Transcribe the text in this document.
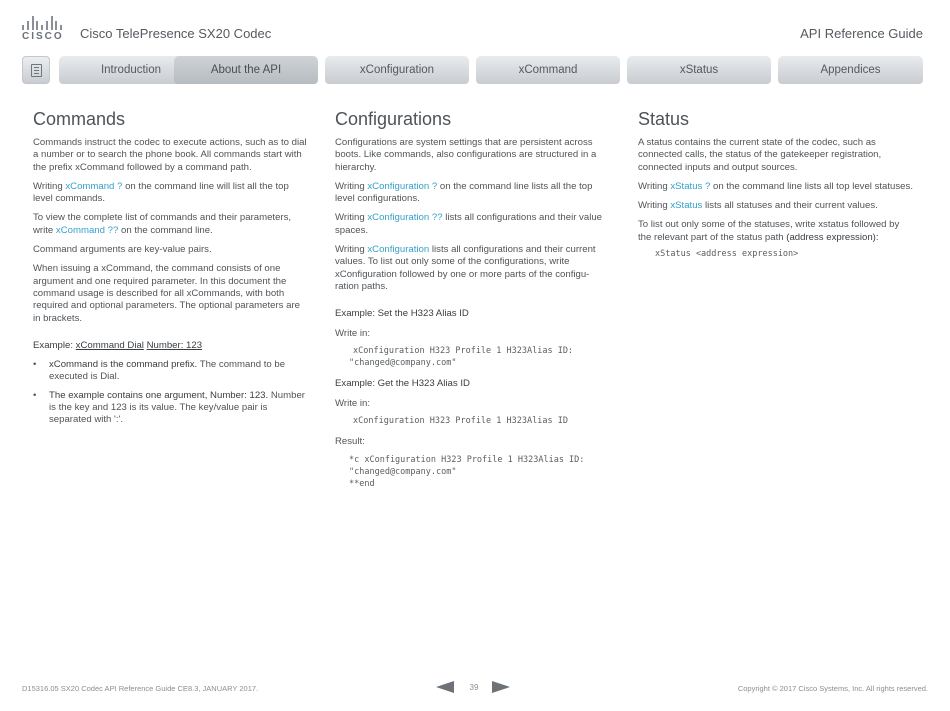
CISCO Cisco TelePresence SX20 Codec	API Reference Guide
Introduction	About the API	xConfiguration	xCommand	xStatus	Appendices
Commands

Commands instruct the codec to execute actions, such as to dial a number or to search the phone book. All commands start with the prefix xCommand followed by a command path.

Writing xCommand ? on the command line will list all the top level commands.

To view the complete list of commands and their parameters, write xCommand ?? on the command line.

Command arguments are key-value pairs.

When issuing a xCommand, the command consists of one argument and one required parameter. In this document the command usage is described for all xCommands, with both required and optional parameters. The optional parameters are in brackets.

Example: xCommand Dial Number: 123
• xCommand is the command prefix. The command to be executed is Dial.
• The example contains one argument, Number: 123. Number is the key and 123 is its value. The key/value pair is separated with ':'.
Configurations

Configurations are system settings that are persistent across boots. Like commands, also configurations are structured in a hierarchy.

Writing xConfiguration ? on the command line lists all the top level configurations.

Writing xConfiguration ?? lists all configurations and their value spaces.

Writing xConfiguration lists all configurations and their current values. To list out only some of the configurations, write xConfiguration followed by one or more parts of the configu-ration paths.

Example: Set the H323 Alias ID
Write in:
xConfiguration H323 Profile 1 H323Alias ID:
"changed@company.com"
Example: Get the H323 Alias ID
Write in:
xConfiguration H323 Profile 1 H323Alias ID
Result:
*c xConfiguration H323 Profile 1 H323Alias ID:
"changed@company.com"
**end
Status

A status contains the current state of the codec, such as connected calls, the status of the gatekeeper registration, connected inputs and output sources.

Writing xStatus ? on the command line lists all top level statuses.

Writing xStatus lists all statuses and their current values.

To list out only some of the statuses, write xstatus followed by the relevant part of the status path (address expression):

xStatus <address expression>
D15316.05 SX20 Codec API Reference Guide CE8.3, JANUARY 2017.	39	Copyright © 2017 Cisco Systems, Inc. All rights reserved.
